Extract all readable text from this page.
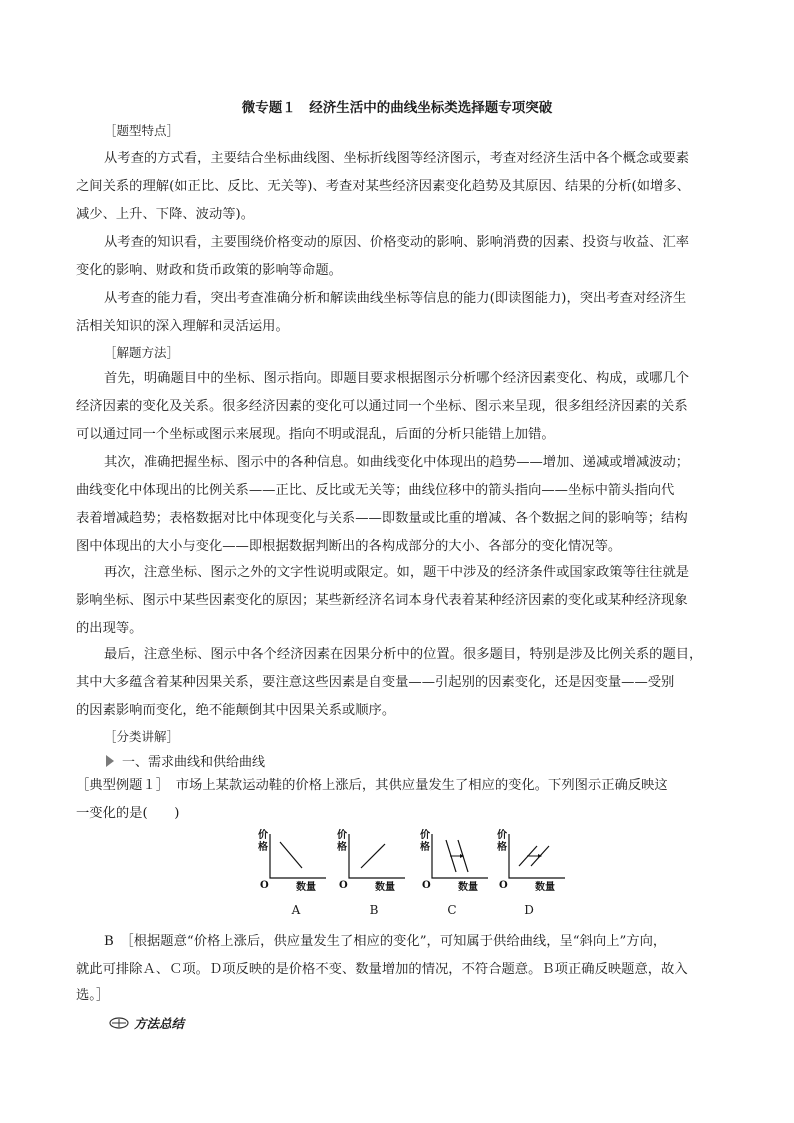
微专题１　经济生活中的曲线坐标类选择题专项突破
［题型特点］
从考查的方式看，主要结合坐标曲线图、坐标折线图等经济图示，考查对经济生活中各个概念或要素
之间关系的理解(如正比、反比、无关等)、考查对某些经济因素变化趋势及其原因、结果的分析(如增多、
减少、上升、下降、波动等)。
从考查的知识看，主要围绕价格变动的原因、价格变动的影响、影响消费的因素、投资与收益、汇率
变化的影响、财政和货币政策的影响等命题。
从考查的能力看，突出考查准确分析和解读曲线坐标等信息的能力(即读图能力)，突出考查对经济生
活相关知识的深入理解和灵活运用。
［解题方法］
首先，明确题目中的坐标、图示指向。即题目要求根据图示分析哪个经济因素变化、构成，或哪几个
经济因素的变化及关系。很多经济因素的变化可以通过同一个坐标、图示来呈现，很多组经济因素的关系
可以通过同一个坐标或图示来展现。指向不明或混乱，后面的分析只能错上加错。
其次，准确把握坐标、图示中的各种信息。如曲线变化中体现出的趋势——增加、递减或增减波动；
曲线变化中体现出的比例关系——正比、反比或无关等；曲线位移中的箭头指向——坐标中箭头指向代
表着增减趋势；表格数据对比中体现变化与关系——即数量或比重的增减、各个数据之间的影响等；结构
图中体现出的大小与变化——即根据数据判断出的各构成部分的大小、各部分的变化情况等。
再次，注意坐标、图示之外的文字性说明或限定。如，题干中涉及的经济条件或国家政策等往往就是
影响坐标、图示中某些因素变化的原因；某些新经济名词本身代表着某种经济因素的变化或某种经济现象
的出现等。
最后，注意坐标、图示中各个经济因素在因果分析中的位置。很多题目，特别是涉及比例关系的题目，
其中大多蕴含着某种因果关系，要注意这些因素是自变量——引起别的因素变化，还是因变量——受别
的因素影响而变化，绝不能颠倒其中因果关系或顺序。
［分类讲解］
一、需求曲线和供给曲线
［典型例题１］　市场上某款运动鞋的价格上涨后，其供应量发生了相应的变化。下列图示正确反映这
一变化的是(　　)
价
格
O	数量
价
格
O	数量
价
格
O	数量
价
格
O	数量
A	B	C	D
B　［根据题意“价格上涨后，供应量发生了相应的变化”，可知属于供给曲线，呈“斜向上”方向，
就此可排除Ａ、Ｃ项。Ｄ项反映的是价格不变、数量增加的情况，不符合题意。Ｂ项正确反映题意，故入
选。］
方法总结
